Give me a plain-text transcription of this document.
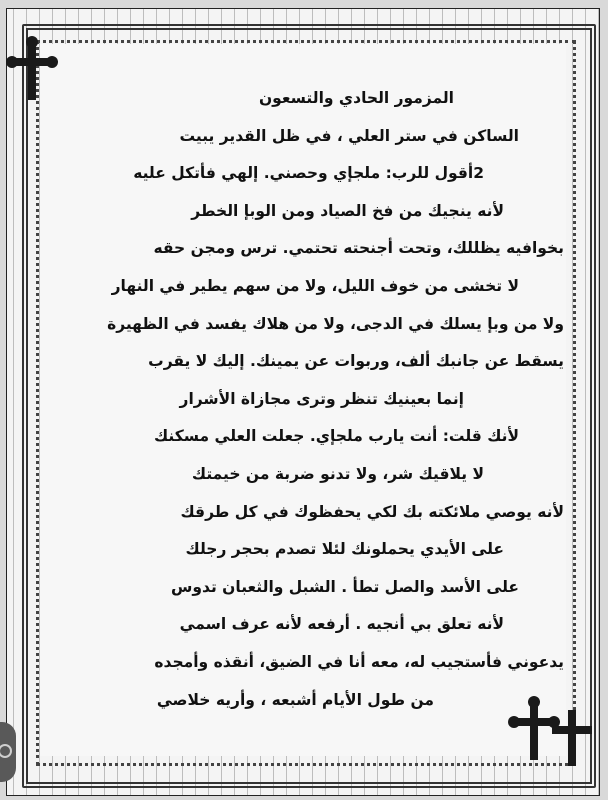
المزمور الحادي والتسعون
الساكن في ستر العلي ، في ظل القدير يبيت
2أقول للرب: ملجإي وحصني. إلهي فأتكل عليه
لأنه ينجيك من فخ الصياد ومن الوبإ الخطر
بخوافيه يظللك، وتحت أجنحته تحتمي. ترس ومجن حقه
لا تخشى من خوف الليل، ولا من سهم يطير في النهار
ولا من وبإ يسلك في الدجى، ولا من هلاك يفسد في الظهيرة
يسقط عن جانبك ألف، وربوات عن يمينك. إليك لا يقرب
إنما بعينيك تنظر وترى مجازاة الأشرار
لأنك قلت: أنت يارب ملجإي. جعلت العلي مسكنك
لا يلاقيك شر، ولا تدنو ضربة من خيمتك
لأنه يوصي ملائكته بك لكي يحفظوك في كل طرقك
على الأيدي يحملونك لئلا تصدم بحجر رجلك
على الأسد والصل تطأ . الشبل والثعبان تدوس
لأنه تعلق بي أنجيه . أرفعه لأنه عرف اسمي
يدعوني فأستجيب له، معه أنا في الضيق، أنقذه وأمجده
من طول الأيام أشبعه ، وأريه خلاصي
